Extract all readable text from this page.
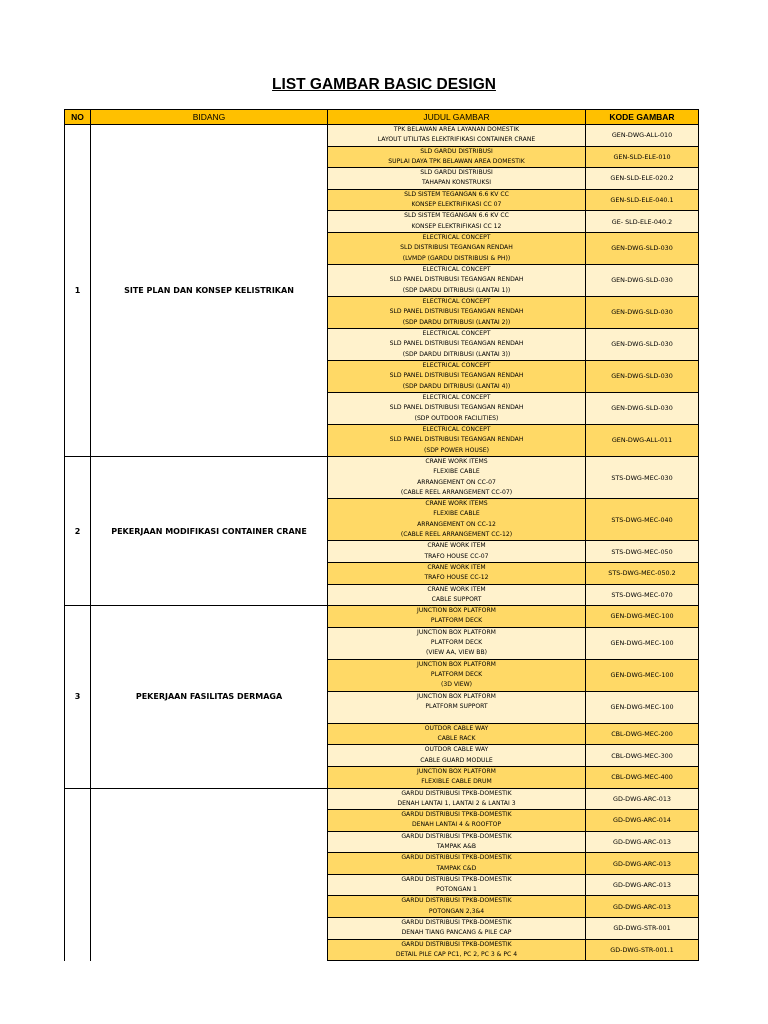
LIST GAMBAR BASIC DESIGN
NO	BIDANG	JUDUL GAMBAR	KODE GAMBAR
1	SITE PLAN DAN KONSEP KELISTRIKAN	TPK BELAWAN AREA LAYANAN DOMESTIK
LAYOUT UTILITAS ELEKTRIFIKASI CONTAINER CRANE	GEN-DWG-ALL-010

		SLD GARDU DISTRIBUSI
SUPLAI DAYA TPK BELAWAN AREA DOMESTIK	GEN-SLD-ELE-010

		SLD GARDU DISTRIBUSI
TAHAPAN KONSTRUKSI	GEN-SLD-ELE-020.2

		SLD SISTEM TEGANGAN 6.6 KV CC
KONSEP ELEKTRIFIKASI CC 07	GEN-SLD-ELE-040.1

		SLD SISTEM TEGANGAN 6.6 KV CC
KONSEP ELEKTRIFIKASI CC 12	GE- SLD-ELE-040.2

		ELECTRICAL CONCEPT
SLD DISTRIBUSI TEGANGAN RENDAH
(LVMDP (GARDU DISTRIBUSI & PH))	GEN-DWG-SLD-030

		ELECTRICAL CONCEPT
SLD PANEL DISTRIBUSI TEGANGAN RENDAH
(SDP DARDU DITRIBUSI (LANTAI 1))	GEN-DWG-SLD-030

		ELECTRICAL CONCEPT
SLD PANEL DISTRIBUSI TEGANGAN RENDAH
(SDP DARDU DITRIBUSI (LANTAI 2))	GEN-DWG-SLD-030

		ELECTRICAL CONCEPT
SLD PANEL DISTRIBUSI TEGANGAN RENDAH
(SDP DARDU DITRIBUSI (LANTAI 3))	GEN-DWG-SLD-030

		ELECTRICAL CONCEPT
SLD PANEL DISTRIBUSI TEGANGAN RENDAH
(SDP DARDU DITRIBUSI (LANTAI 4))	GEN-DWG-SLD-030

		ELECTRICAL CONCEPT
SLD PANEL DISTRIBUSI TEGANGAN RENDAH
(SDP OUTDOOR FACILITIES)	GEN-DWG-SLD-030

		ELECTRICAL CONCEPT
SLD PANEL DISTRIBUSI TEGANGAN RENDAH
(SDP POWER HOUSE)	GEN-DWG-ALL-011
2	PEKERJAAN MODIFIKASI CONTAINER CRANE	CRANE WORK ITEMS
FLEXIBE CABLE
ARRANGEMENT ON CC-07
(CABLE REEL ARRANGEMENT CC-07)	STS-DWG-MEC-030

		CRANE WORK ITEMS
FLEXIBE CABLE
ARRANGEMENT ON CC-12
(CABLE REEL ARRANGEMENT CC-12)	STS-DWG-MEC-040

		CRANE WORK ITEM
TRAFO HOUSE CC-07	STS-DWG-MEC-050

		CRANE WORK ITEM
TRAFO HOUSE CC-12	STS-DWG-MEC-050.2

		CRANE WORK ITEM
CABLE SUPPORT	STS-DWG-MEC-070
3	PEKERJAAN FASILITAS DERMAGA	JUNCTION BOX PLATFORM
PLATFORM DECK	GEN-DWG-MEC-100

		JUNCTION BOX PLATFORM
PLATFORM DECK
(VIEW AA, VIEW BB)	GEN-DWG-MEC-100

		JUNCTION BOX PLATFORM
PLATFORM DECK
(3D VIEW)	GEN-DWG-MEC-100

		JUNCTION BOX PLATFORM
PLATFORM SUPPORT	GEN-DWG-MEC-100

		OUTDOR CABLE WAY
CABLE RACK	CBL-DWG-MEC-200

		OUTDOR CABLE WAY
CABLE GUARD MODULE	CBL-DWG-MEC-300

		JUNCTION BOX PLATFORM
FLEXIBLE CABLE DRUM	CBL-DWG-MEC-400

		GARDU DISTRIBUSI TPKB-DOMESTIK
DENAH LANTAI 1, LANTAI 2 & LANTAI 3	GD-DWG-ARC-013

		GARDU DISTRIBUSI TPKB-DOMESTIK
DENAH LANTAI 4 & ROOFTOP	GD-DWG-ARC-014

		GARDU DISTRIBUSI TPKB-DOMESTIK
TAMPAK A&B	GD-DWG-ARC-013

		GARDU DISTRIBUSI TPKB-DOMESTIK
TAMPAK C&D	GD-DWG-ARC-013

		GARDU DISTRIBUSI TPKB-DOMESTIK
POTONGAN 1	GD-DWG-ARC-013

		GARDU DISTRIBUSI TPKB-DOMESTIK
POTONGAN 2,3&4	GD-DWG-ARC-013

		GARDU DISTRIBUSI TPKB-DOMESTIK
DENAH TIANG PANCANG & PILE CAP	GD-DWG-STR-001

		GARDU DISTRIBUSI TPKB-DOMESTIK
DETAIL PILE CAP PC1, PC 2, PC 3 & PC 4	GD-DWG-STR-001.1
